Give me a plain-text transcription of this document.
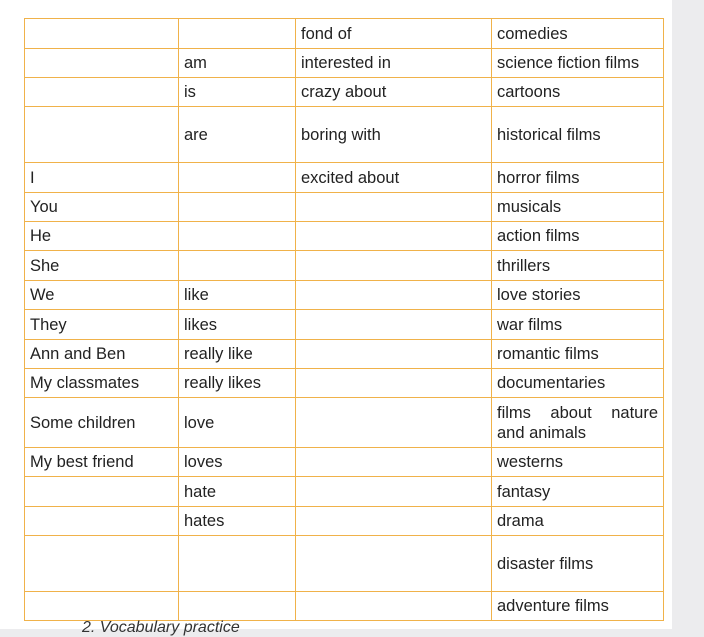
		fond of	comedies
	am	interested in	science fiction films
	is	crazy about	cartoons
	are	boring with	historical films
I		excited about	horror films
You			musicals
He			action films
She			thrillers
We	like		love stories
They	likes		war films
Ann and Ben	really like		romantic films
My classmates	really likes		documentaries
Some children	love		films about nature and animals
My best friend	loves		westerns
	hate		fantasy
	hates		drama
			disaster films
			adventure films
2. Vocabulary practice
